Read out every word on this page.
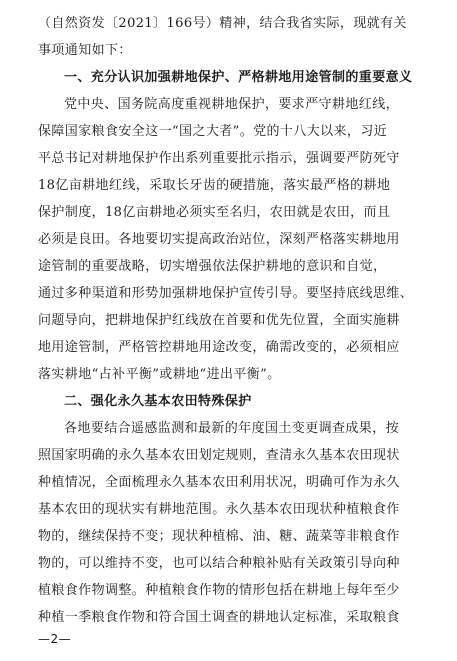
（自然资发〔2021〕166号）精神，结合我省实际，现就有关
事项通知如下：
一、充分认识加强耕地保护、严格耕地用途管制的重要意义
党中央、国务院高度重视耕地保护，要求严守耕地红线，
保障国家粮食安全这一“国之大者”。党的十八大以来，习近
平总书记对耕地保护作出系列重要批示指示，强调要严防死守
18亿亩耕地红线，采取长牙齿的硬措施，落实最严格的耕地
保护制度，18亿亩耕地必须实至名归，农田就是农田，而且
必须是良田。各地要切实提高政治站位，深刻严格落实耕地用
途管制的重要战略，切实增强依法保护耕地的意识和自觉，
通过多种渠道和形势加强耕地保护宣传引导。要坚持底线思维、
问题导向，把耕地保护红线放在首要和优先位置，全面实施耕
地用途管制，严格管控耕地用途改变，确需改变的，必须相应
落实耕地“占补平衡”或耕地“进出平衡”。
二、强化永久基本农田特殊保护
各地要结合遥感监测和最新的年度国土变更调查成果，按
照国家明确的永久基本农田划定规则，查清永久基本农田现状
种植情况，全面梳理永久基本农田利用状况，明确可作为永久
基本农田的现状实有耕地范围。永久基本农田现状种植粮食作
物的，继续保持不变；现状种植棉、油、糖、蔬菜等非粮食作
物的，可以维持不变，也可以结合种粮补贴有关政策引导向种
植粮食作物调整。种植粮食作物的情形包括在耕地上每年至少
种植一季粮食作物和符合国土调查的耕地认定标准，采取粮食
—2—
